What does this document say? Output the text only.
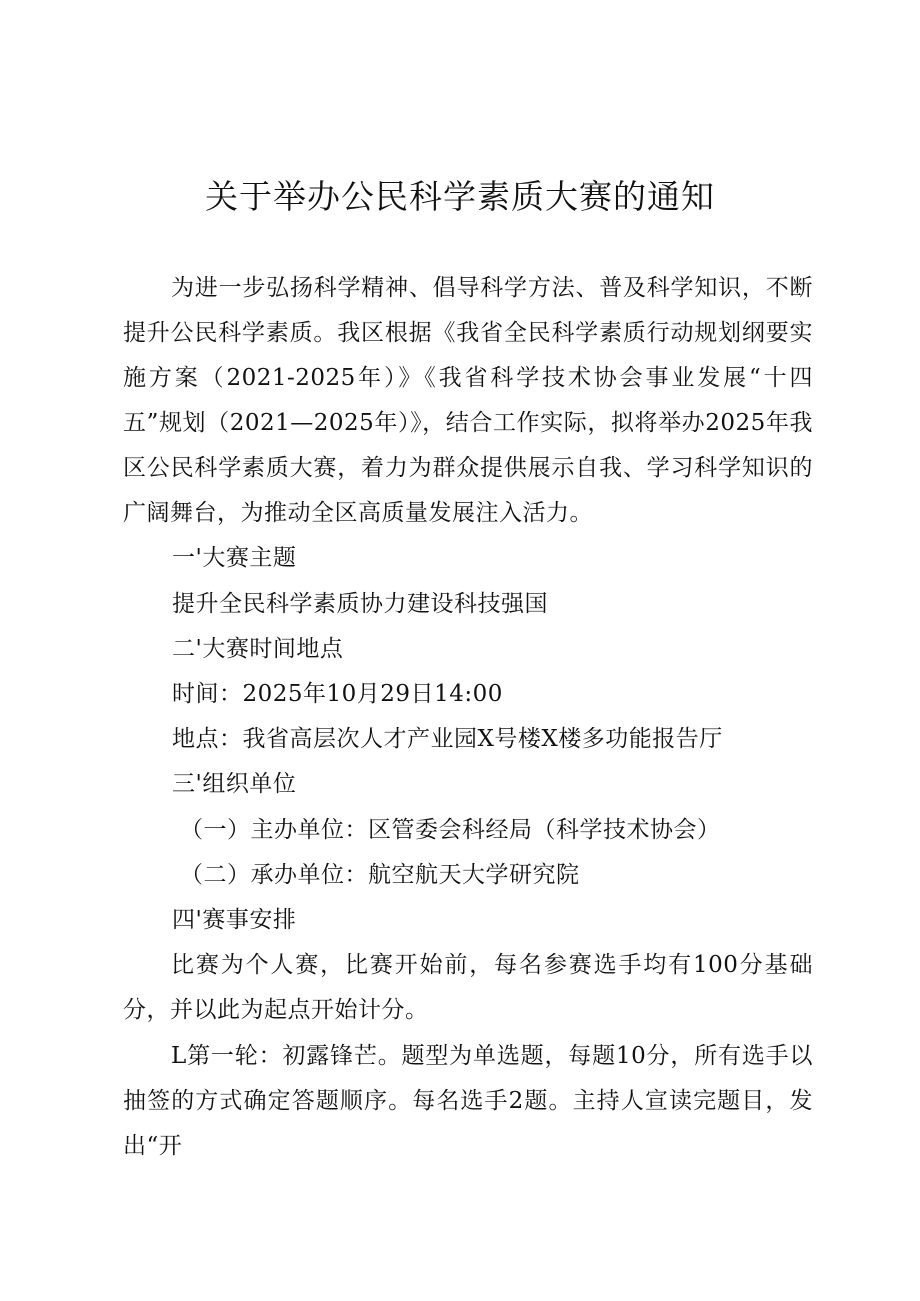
关于举办公民科学素质大赛的通知

为进一步弘扬科学精神、倡导科学方法、普及科学知识，不断提升公民科学素质。我区根据《我省全民科学素质行动规划纲要实施方案（2021-2025年）》《我省科学技术协会事业发展“十四五”规划（2021—2025年）》，结合工作实际，拟将举办2025年我区公民科学素质大赛，着力为群众提供展示自我、学习科学知识的广阔舞台，为推动全区高质量发展注入活力。

一'大赛主题

提升全民科学素质协力建设科技强国

二'大赛时间地点

时间：2025年10月29日14:00

地点：我省高层次人才产业园X号楼X楼多功能报告厅

三'组织单位

（一）主办单位：区管委会科经局（科学技术协会）

（二）承办单位：航空航天大学研究院

四'赛事安排

比赛为个人赛，比赛开始前，每名参赛选手均有100分基础分，并以此为起点开始计分。

L第一轮：初露锋芒。题型为单选题，每题10分，所有选手以抽签的方式确定答题顺序。每名选手2题。主持人宣读完题目，发出“开
